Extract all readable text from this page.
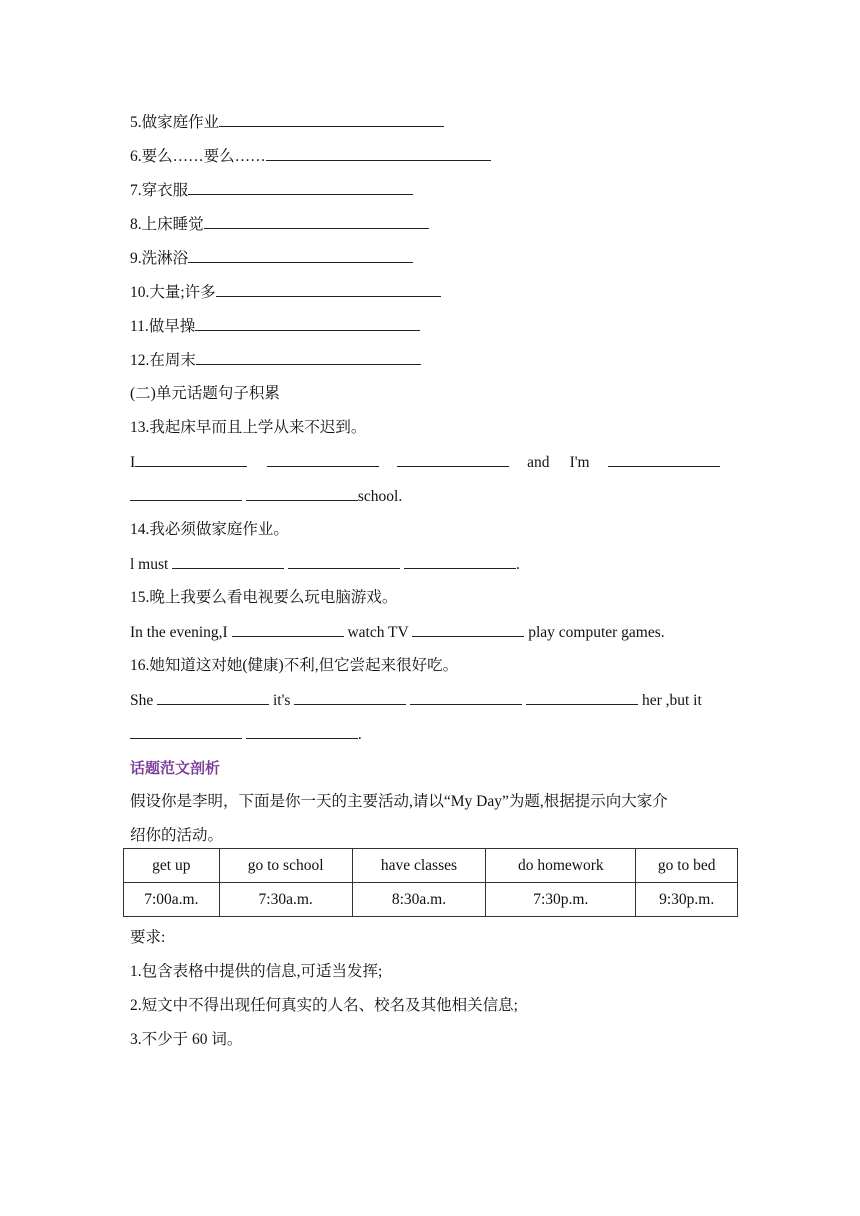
5.做家庭作业
6.要么……要么……
7.穿衣服
8.上床睡觉
9.洗淋浴
10.大量;许多
11.做早操
12.在周末
(二)单元话题句子积累
13.我起床早而且上学从来不迟到。
I	and I'm
school.
14.我必须做家庭作业。
l must	.
15.晚上我要么看电视要么玩电脑游戏。
In the evening,I	watch TV	play computer games.
16.她知道这对她(健康)不利,但它尝起来很好吃。
She	it's	her ,but it
.
话题范文剖析
假设你是李明，下面是你一天的主要活动,请以“My Day”为题,根据提示向大家介
绍你的活动。
get up	go to school	have classes	do homework	go to bed
7:00a.m.	7:30a.m.	8:30a.m.	7:30p.m.	9:30p.m.
要求:
1.包含表格中提供的信息,可适当发挥;
2.短文中不得出现任何真实的人名、校名及其他相关信息;
3.不少于 60 词。
